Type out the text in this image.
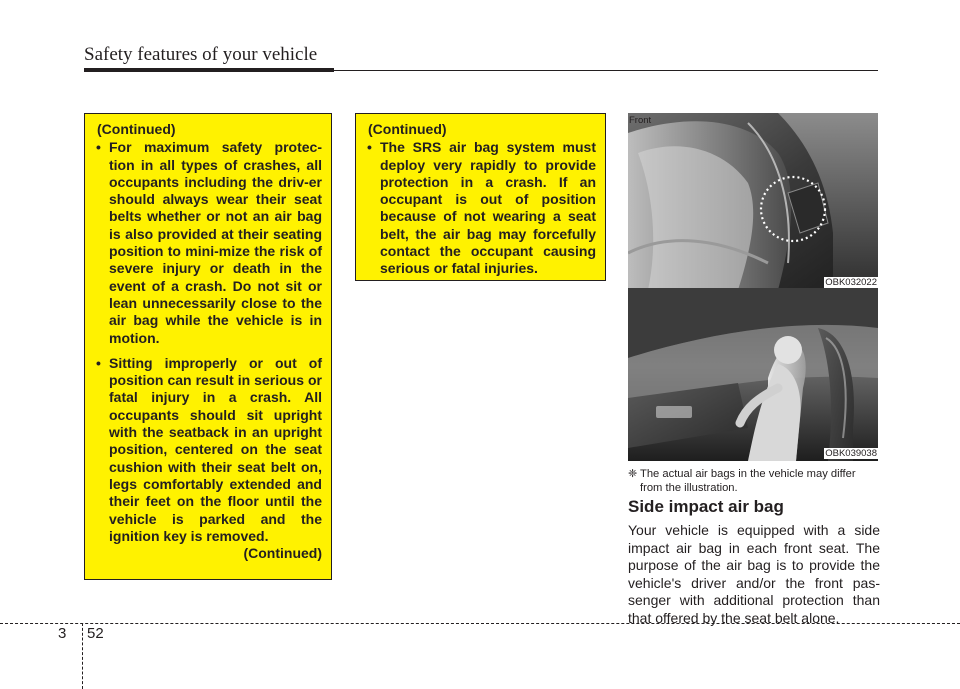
Safety features of your vehicle
(Continued)
• For maximum safety protec-tion in all types of crashes, all occupants including the driv-er should always wear their seat belts whether or not an air bag is also provided at their seating position to mini-mize the risk of severe injury or death in the event of a crash. Do not sit or lean unnecessarily close to the air bag while the vehicle is in motion.
• Sitting improperly or out of position can result in serious or fatal injury in a crash. All occupants should sit upright with the seatback in an upright position, centered on the seat cushion with their seat belt on, legs comfortably extended and their feet on the floor until the vehicle is parked and the ignition key is removed.
(Continued)
(Continued)
• The SRS air bag system must deploy very rapidly to provide protection in a crash. If an occupant is out of position because of not wearing a seat belt, the air bag may forcefully contact the occupant causing serious or fatal injuries.
Front
OBK032022
OBK039038
❈ The actual air bags in the vehicle may differ
from the illustration.
Side impact air bag
Your vehicle is equipped with a side impact air bag in each front seat. The purpose of the air bag is to provide the vehicle's driver and/or the front pas-senger with additional protection than that offered by the seat belt alone.
3 52
